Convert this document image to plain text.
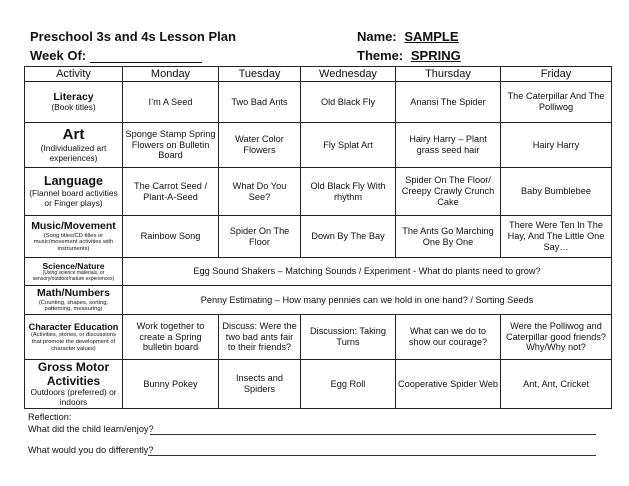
Preschool 3s and 4s Lesson Plan	Name: SAMPLE
Week Of:	Theme: SPRING
Activity	Monday	Tuesday	Wednesday	Thursday	Friday

Literacy
(Book titles)	I’m A Seed	Two Bad Ants	Old Black Fly	Anansi The Spider	The Caterpillar And The Polliwog

Art
(Individualized art experiences)	Sponge Stamp Spring Flowers on Bulletin Board	Water Color Flowers	Fly Splat Art	Hairy Harry – Plant grass seed hair	Hairy Harry

Language
(Flannel board activities or Finger plays)	The Carrot Seed / Plant-A-Seed	What Do You See?	Old Black Fly With rhythm	Spider On The Floor/ Creepy Crawly Crunch Cake	Baby Bumblebee

Music/Movement
(Song titles/CD titles or music/movement activities with instruments)	Rainbow Song	Spider On The Floor	Down By The Bay	The Ants Go Marching One By One	There Were Ten In The Hay, And The Little One Say…

Science/Nature
(Using science materials, or sensory/outdoor/nature experiences)	Egg Sound Shakers – Matching Sounds / Experiment - What do plants need to grow?				

Math/Numbers
(Counting, shapes, sorting, patterning, measuring)	Penny Estimating – How many pennies can we hold in one hand? / Sorting Seeds				

Character Education
(Activities, stories, or discussions that promote the development of character values)	Work together to create a Spring bulletin board	Discuss: Were the two bad ants fair to their friends?	Discussion: Taking Turns	What can we do to show our courage?	Were the Polliwog and Caterpillar good friends? Why/Why not?

Gross Motor Activities
Outdoors (preferred) or indoors	Bunny Pokey	Insects and Spiders	Egg Roll	Cooperative Spider Web	Ant, Ant, Cricket
Reflection:
What did the child learn/enjoy?
What would you do differently?
